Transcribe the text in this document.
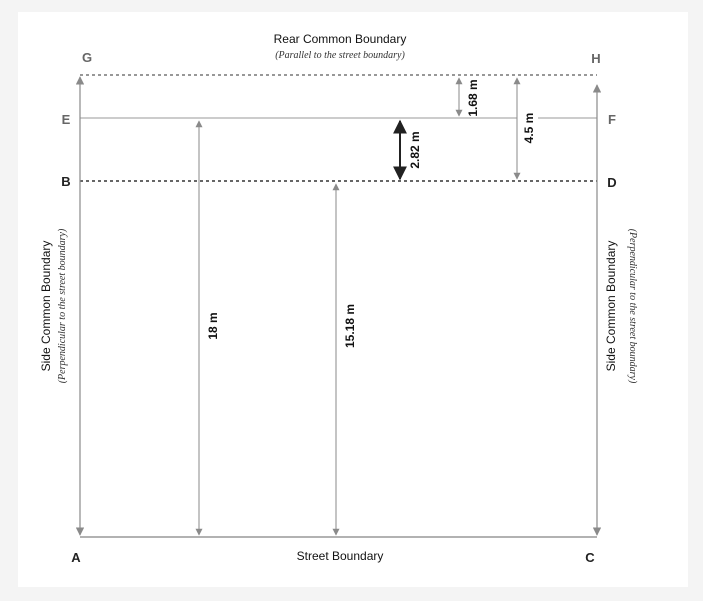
Rear Common Boundary
(Parallel to the street boundary)
1.68 m
4.5 m
2.82 m
18 m	15.18 m
Side Common Boundary (Perpendicular to the street boundary)	Side Common Boundary (Perpendicular to the street boundary)
G	H
E	F
B	D
A	C
Street Boundary
